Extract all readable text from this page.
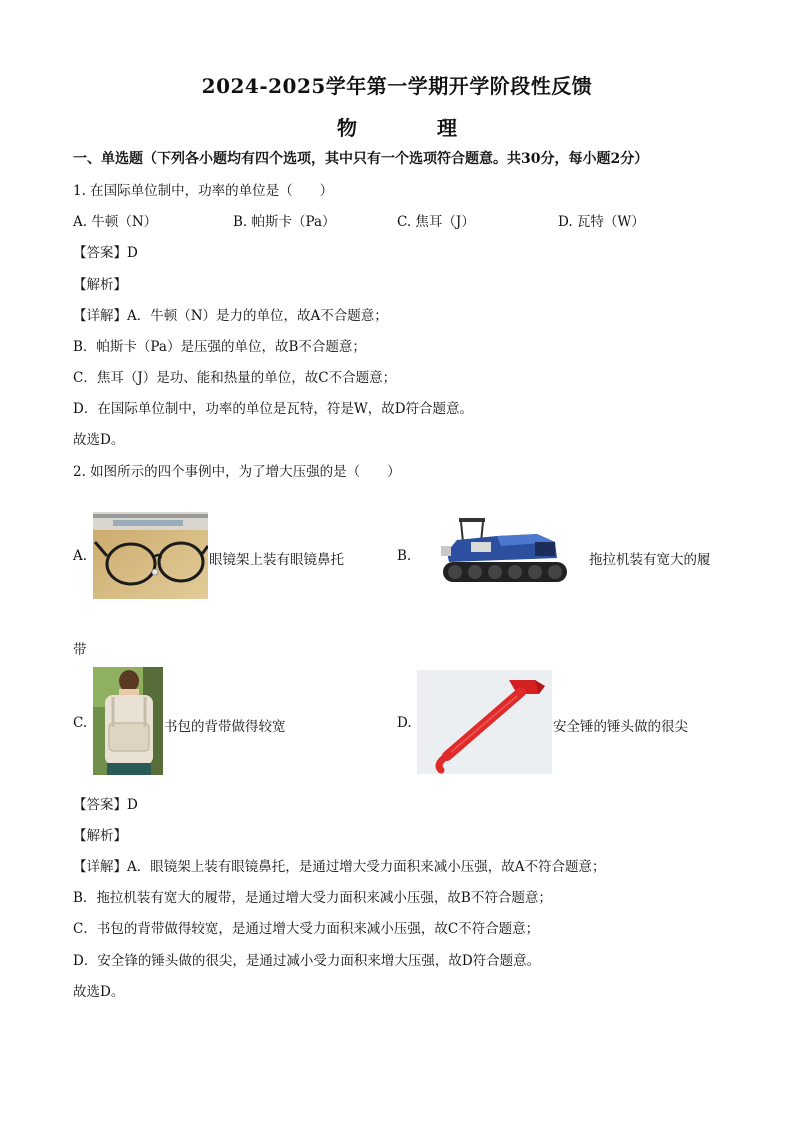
2024-2025学年第一学期开学阶段性反馈
物	理
一、单选题（下列各小题均有四个选项，其中只有一个选项符合题意。共30分，每小题2分）
1. 在国际单位制中，功率的单位是（　　）
A. 牛顿（N）	B. 帕斯卡（Pa）	C. 焦耳（J）	D. 瓦特（W）
【答案】D
【解析】
【详解】A．牛顿（N）是力的单位，故A不合题意；
B．帕斯卡（Pa）是压强的单位，故B不合题意；
C．焦耳（J）是功、能和热量的单位，故C不合题意；
D．在国际单位制中，功率的单位是瓦特，符是W，故D符合题意。
故选D。
2. 如图所示的四个事例中，为了增大压强的是（　　）
A.	眼镜架上装有眼镜鼻托	B.	拖拉机装有宽大的履
带
C.	书包的背带做得较宽	D.	安全锤的锤头做的很尖
【答案】D
【解析】
【详解】A．眼镜架上装有眼镜鼻托，是通过增大受力面积来减小压强，故A不符合题意；
B．拖拉机装有宽大的履带，是通过增大受力面积来减小压强，故B不符合题意；
C．书包的背带做得较宽，是通过增大受力面积来减小压强，故C不符合题意；
D．安全锋的锤头做的很尖，是通过减小受力面积来增大压强，故D符合题意。
故选D。
